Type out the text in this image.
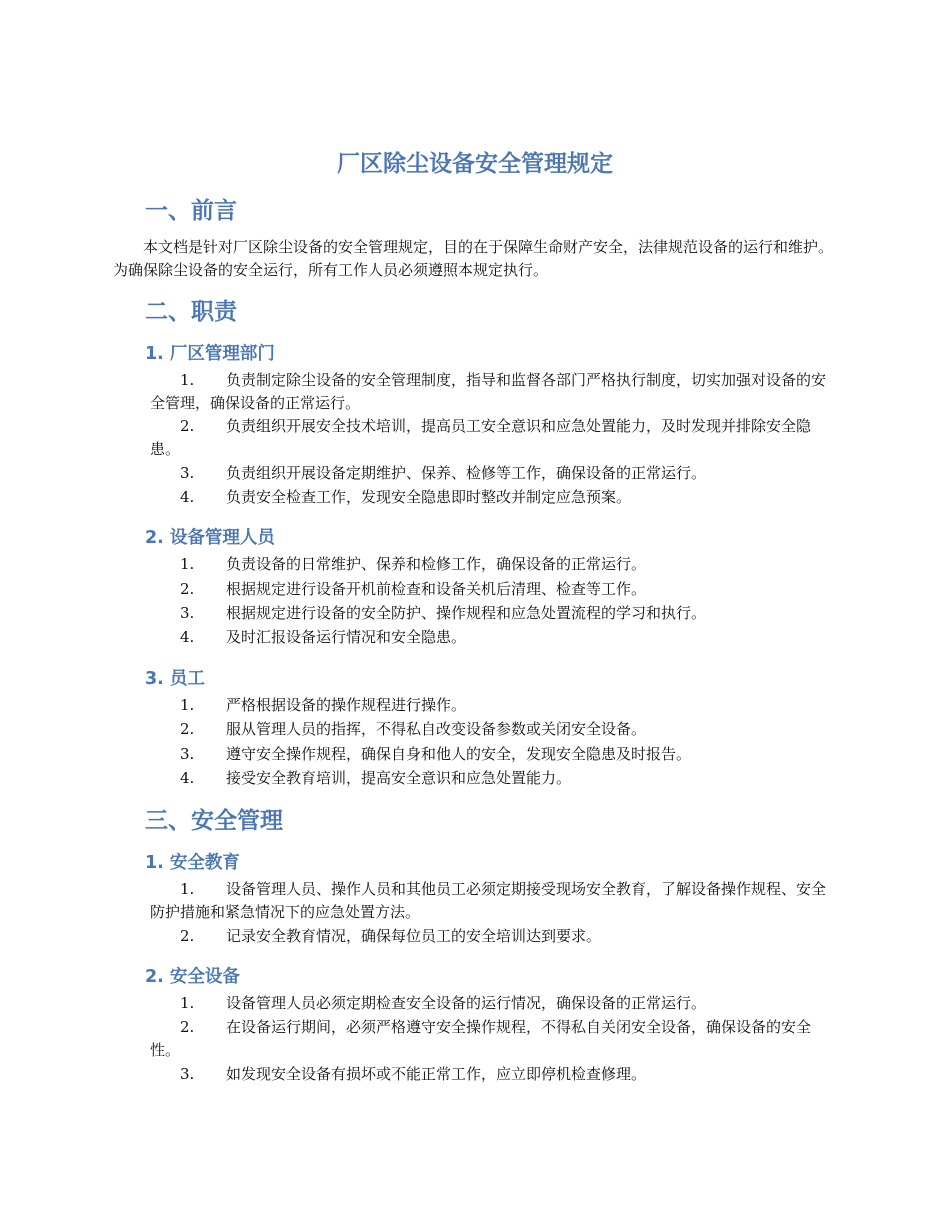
厂区除尘设备安全管理规定
一、前言

本文档是针对厂区除尘设备的安全管理规定，目的在于保障生命财产安全，法律规范设备的运行和维护。为确保除尘设备的安全运行，所有工作人员必须遵照本规定执行。

二、职责
1. 厂区管理部门

1. 负责制定除尘设备的安全管理制度，指导和监督各部门严格执行制度，切实加强对设备的安全管理，确保设备的正常运行。

2. 负责组织开展安全技术培训，提高员工安全意识和应急处置能力，及时发现并排除安全隐患。

3. 负责组织开展设备定期维护、保养、检修等工作，确保设备的正常运行。

4. 负责安全检查工作，发现安全隐患即时整改并制定应急预案。

2. 设备管理人员

1. 负责设备的日常维护、保养和检修工作，确保设备的正常运行。

2. 根据规定进行设备开机前检查和设备关机后清理、检查等工作。

3. 根据规定进行设备的安全防护、操作规程和应急处置流程的学习和执行。

4. 及时汇报设备运行情况和安全隐患。

3. 员工

1. 严格根据设备的操作规程进行操作。

2. 服从管理人员的指挥，不得私自改变设备参数或关闭安全设备。

3. 遵守安全操作规程，确保自身和他人的安全，发现安全隐患及时报告。

4. 接受安全教育培训，提高安全意识和应急处置能力。

三、安全管理
1. 安全教育

1. 设备管理人员、操作人员和其他员工必须定期接受现场安全教育，了解设备操作规程、安全防护措施和紧急情况下的应急处置方法。

2. 记录安全教育情况，确保每位员工的安全培训达到要求。

2. 安全设备

1. 设备管理人员必须定期检查安全设备的运行情况，确保设备的正常运行。

2. 在设备运行期间，必须严格遵守安全操作规程，不得私自关闭安全设备，确保设备的安全性。

3. 如发现安全设备有损坏或不能正常工作，应立即停机检查修理。
